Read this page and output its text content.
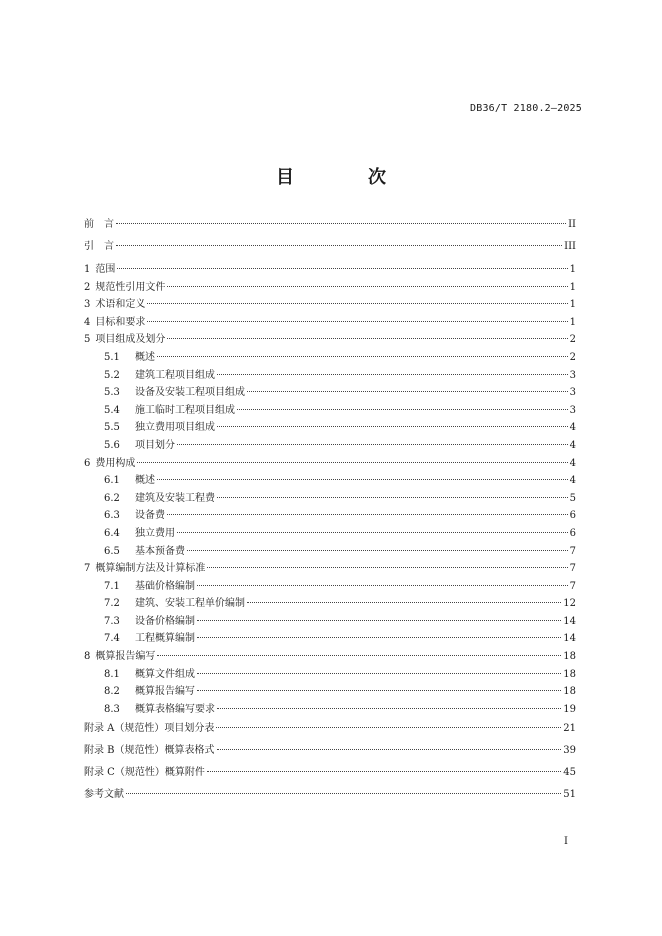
DB36/T 2180.2—2025
目　次
前　言	II
引　言	III
1 范围	1
2 规范性引用文件	1
3 术语和定义	1
4 目标和要求	1
5 项目组成及划分	2
5.1	概述	2
5.2	建筑工程项目组成	3
5.3	设备及安装工程项目组成	3
5.4	施工临时工程项目组成	3
5.5	独立费用项目组成	4
5.6	项目划分	4
6 费用构成	4
6.1	概述	4
6.2	建筑及安装工程费	5
6.3	设备费	6
6.4	独立费用	6
6.5	基本预备费	7
7 概算编制方法及计算标准	7
7.1	基础价格编制	7
7.2	建筑、安装工程单价编制	12
7.3	设备价格编制	14
7.4	工程概算编制	14
8 概算报告编写	18
8.1	概算文件组成	18
8.2	概算报告编写	18
8.3	概算表格编写要求	19
附录 A（规范性）项目划分表	21
附录 B（规范性）概算表格式	39
附录 C（规范性）概算附件	45
参考文献	51
I
